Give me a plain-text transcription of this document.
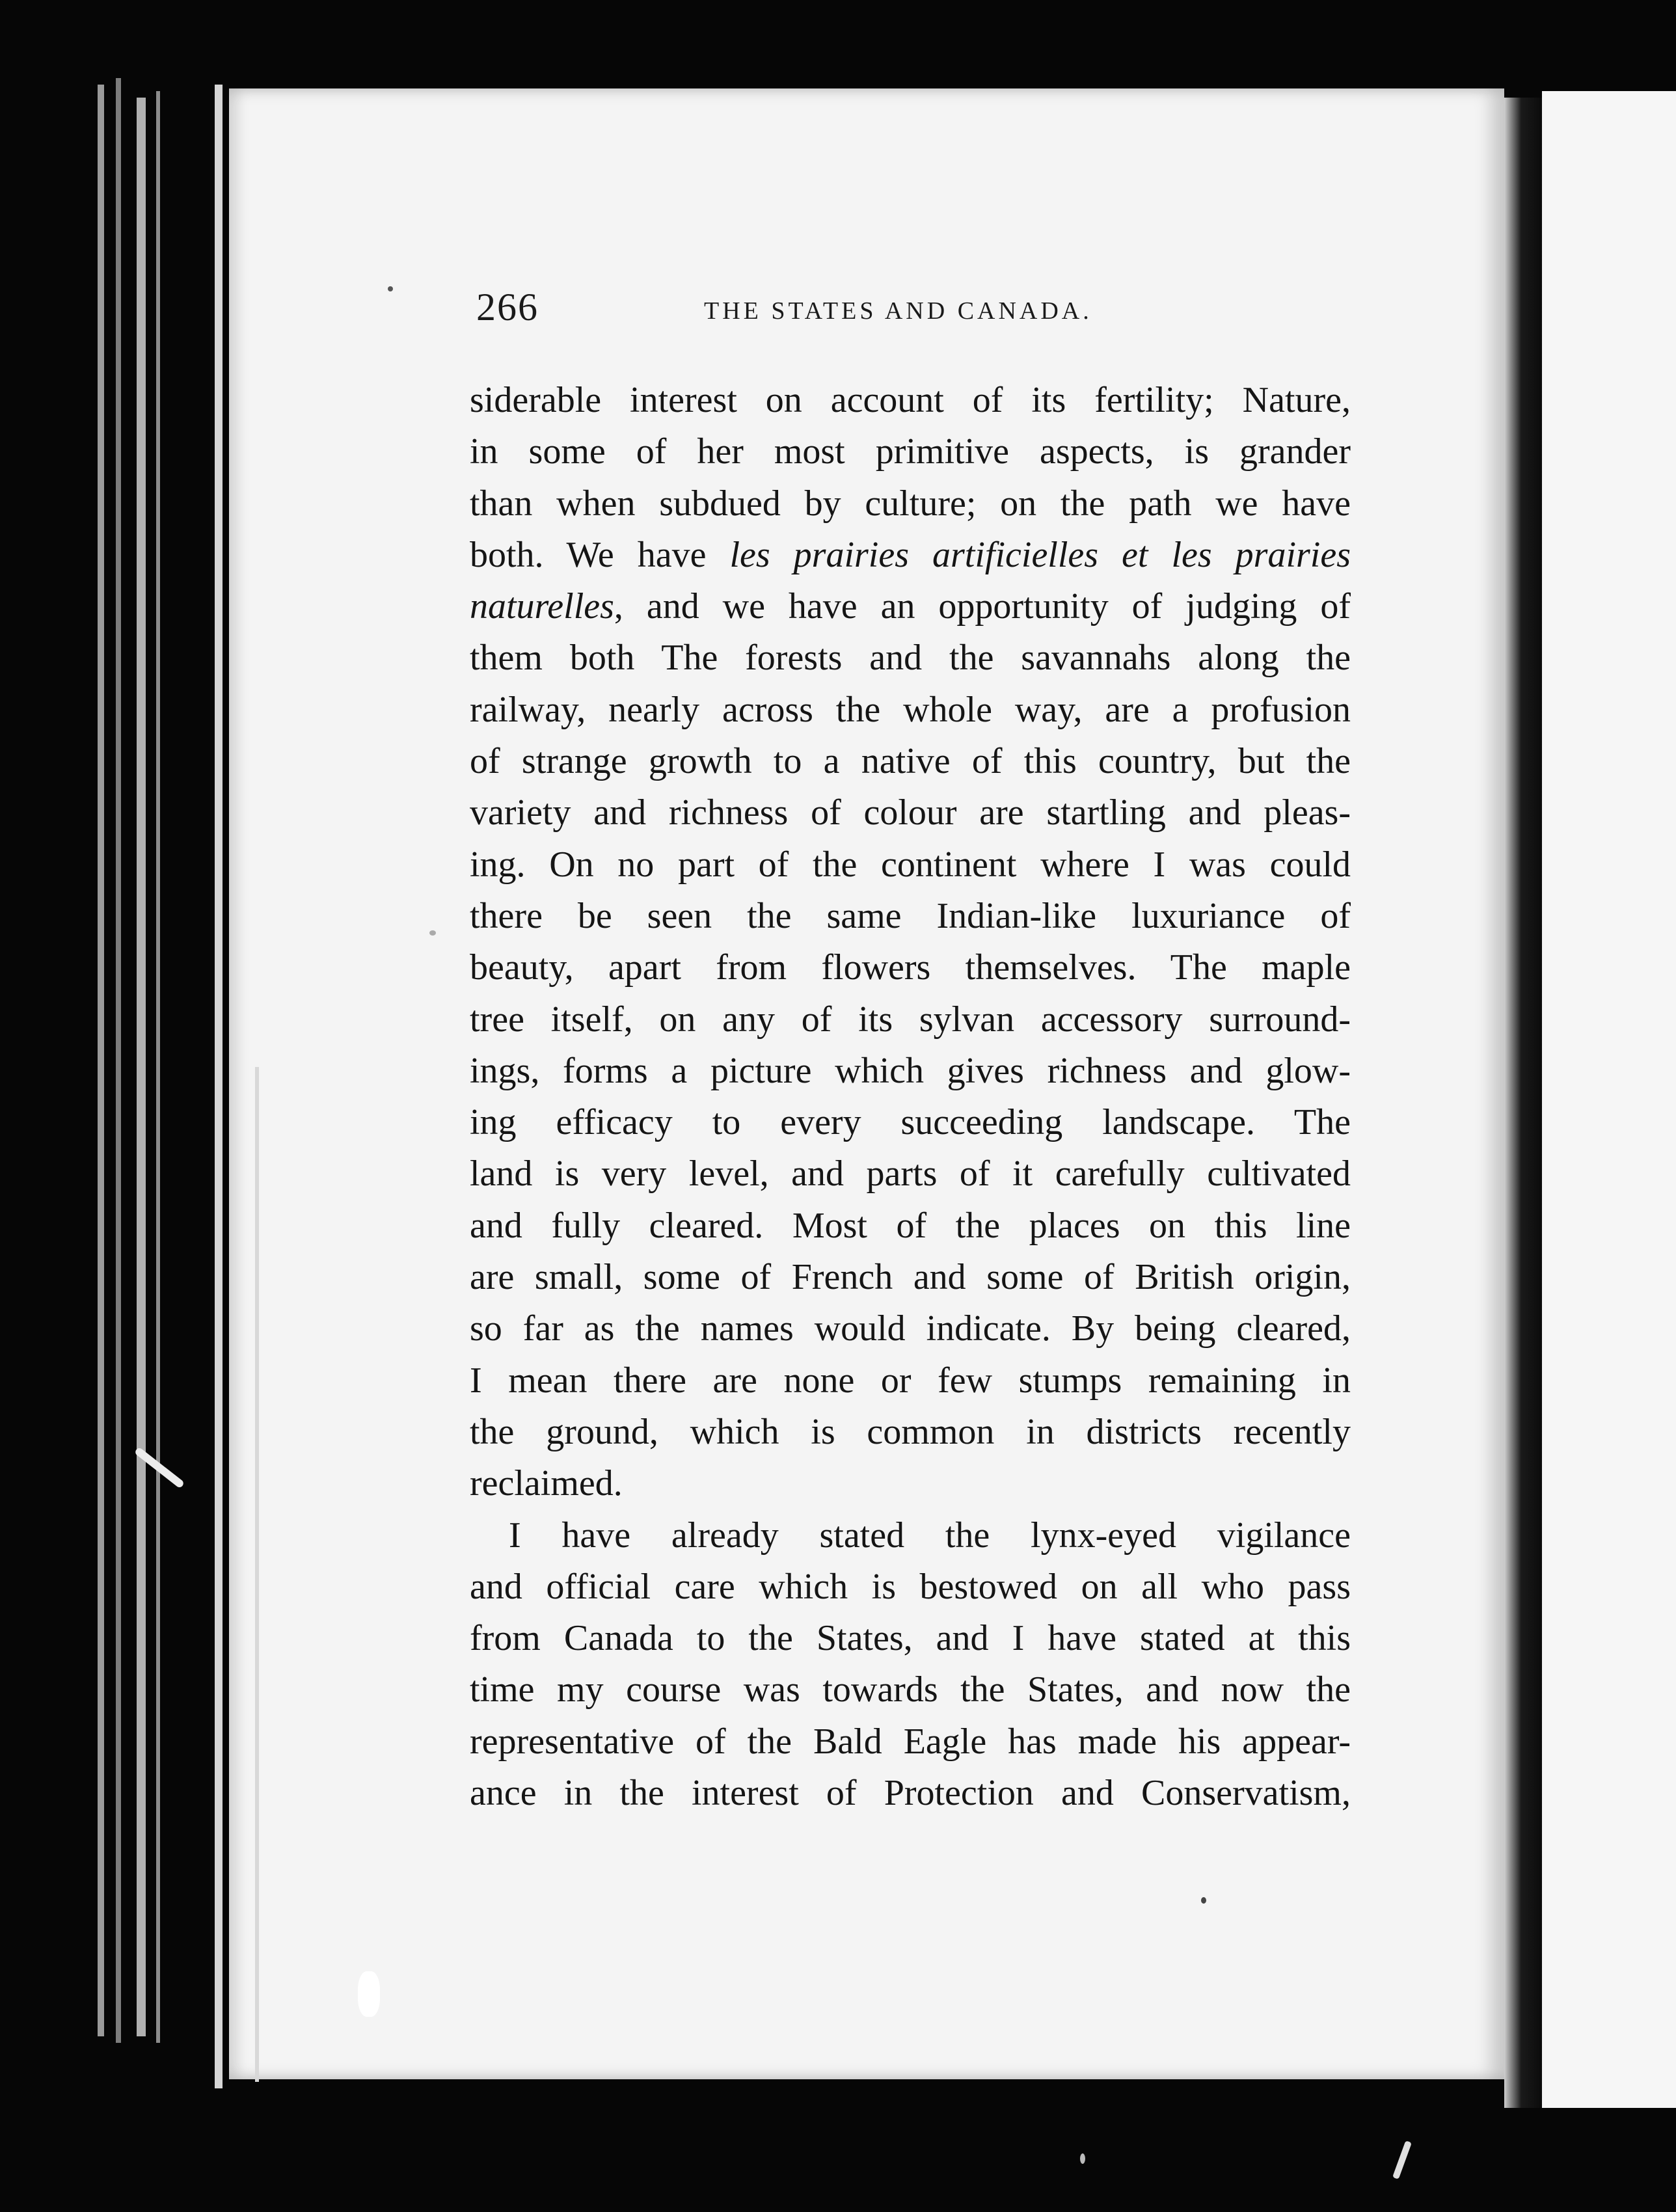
266	THE STATES AND CANADA.
siderable interest on account of its fertility; Nature,
in some of her most primitive aspects, is grander
than when subdued by culture; on the path we have
both. We have les prairies artificielles et les prairies
naturelles, and we have an opportunity of judging of
them both The forests and the savannahs along the
railway, nearly across the whole way, are a profusion
of strange growth to a native of this country, but the
variety and richness of colour are startling and pleas-
ing. On no part of the continent where I was could
there be seen the same Indian-like luxuriance of
beauty, apart from flowers themselves. The maple
tree itself, on any of its sylvan accessory surround-
ings, forms a picture which gives richness and glow-
ing efficacy to every succeeding landscape. The
land is very level, and parts of it carefully cultivated
and fully cleared. Most of the places on this line
are small, some of French and some of British origin,
so far as the names would indicate. By being cleared,
I mean there are none or few stumps remaining in
the ground, which is common in districts recently
reclaimed.
I have already stated the lynx-eyed vigilance
and official care which is bestowed on all who pass
from Canada to the States, and I have stated at this
time my course was towards the States, and now the
representative of the Bald Eagle has made his appear-
ance in the interest of Protection and Conservatism,
